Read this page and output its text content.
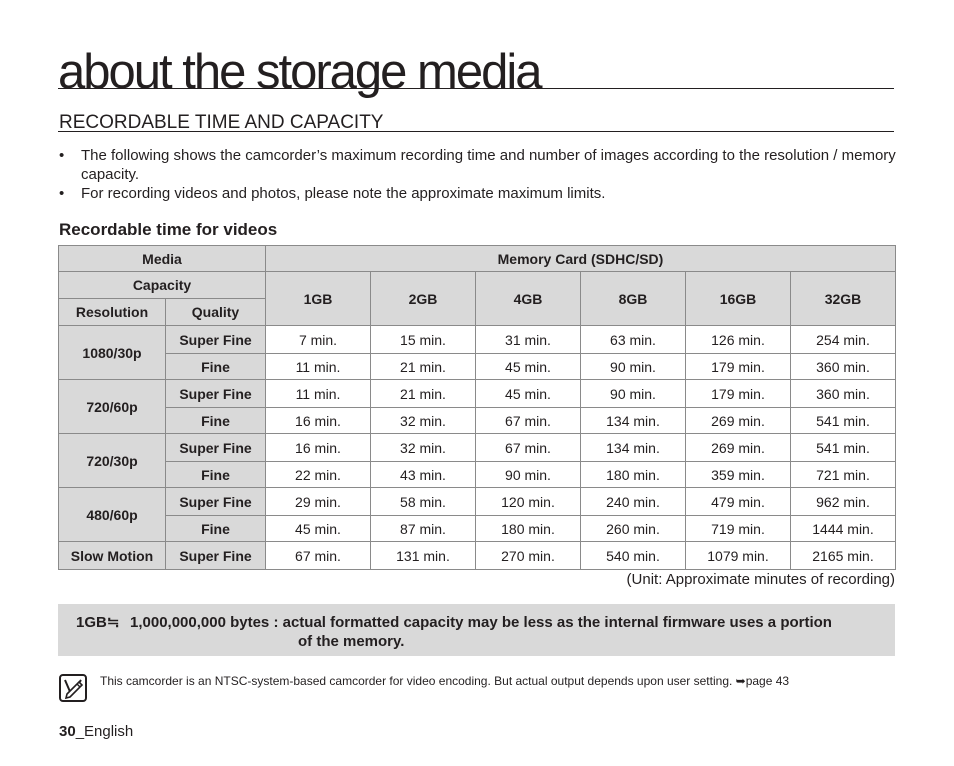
about the storage media
RECORDABLE TIME AND CAPACITY
• The following shows the camcorder’s maximum recording time and number of images according to the resolution / memory capacity.
• For recording videos and photos, please note the approximate maximum limits.
Recordable time for videos
Media		Memory Card (SDHC/SD)					
Capacity		1GB	2GB	4GB	8GB	16GB	32GB
Resolution	Quality						
1080/30p	Super Fine	7 min.	15 min.	31 min.	63 min.	126 min.	254 min.
	Fine	11 min.	21 min.	45 min.	90 min.	179 min.	360 min.
720/60p	Super Fine	11 min.	21 min.	45 min.	90 min.	179 min.	360 min.
	Fine	16 min.	32 min.	67 min.	134 min.	269 min.	541 min.
720/30p	Super Fine	16 min.	32 min.	67 min.	134 min.	269 min.	541 min.
	Fine	22 min.	43 min.	90 min.	180 min.	359 min.	721 min.
480/60p	Super Fine	29 min.	58 min.	120 min.	240 min.	479 min.	962 min.
	Fine	45 min.	87 min.	180 min.	260 min.	719 min.	1444 min.
Slow Motion	Super Fine	67 min.	131 min.	270 min.	540 min.	1079 min.	2165 min.
(Unit: Approximate minutes of recording)
1GB≒ 1,000,000,000 bytes : actual formatted capacity may be less as the internal firmware uses a portion
of the memory.
This camcorder is an NTSC-system-based camcorder for video encoding. But actual output depends upon user setting. ➥page 43
30_English
